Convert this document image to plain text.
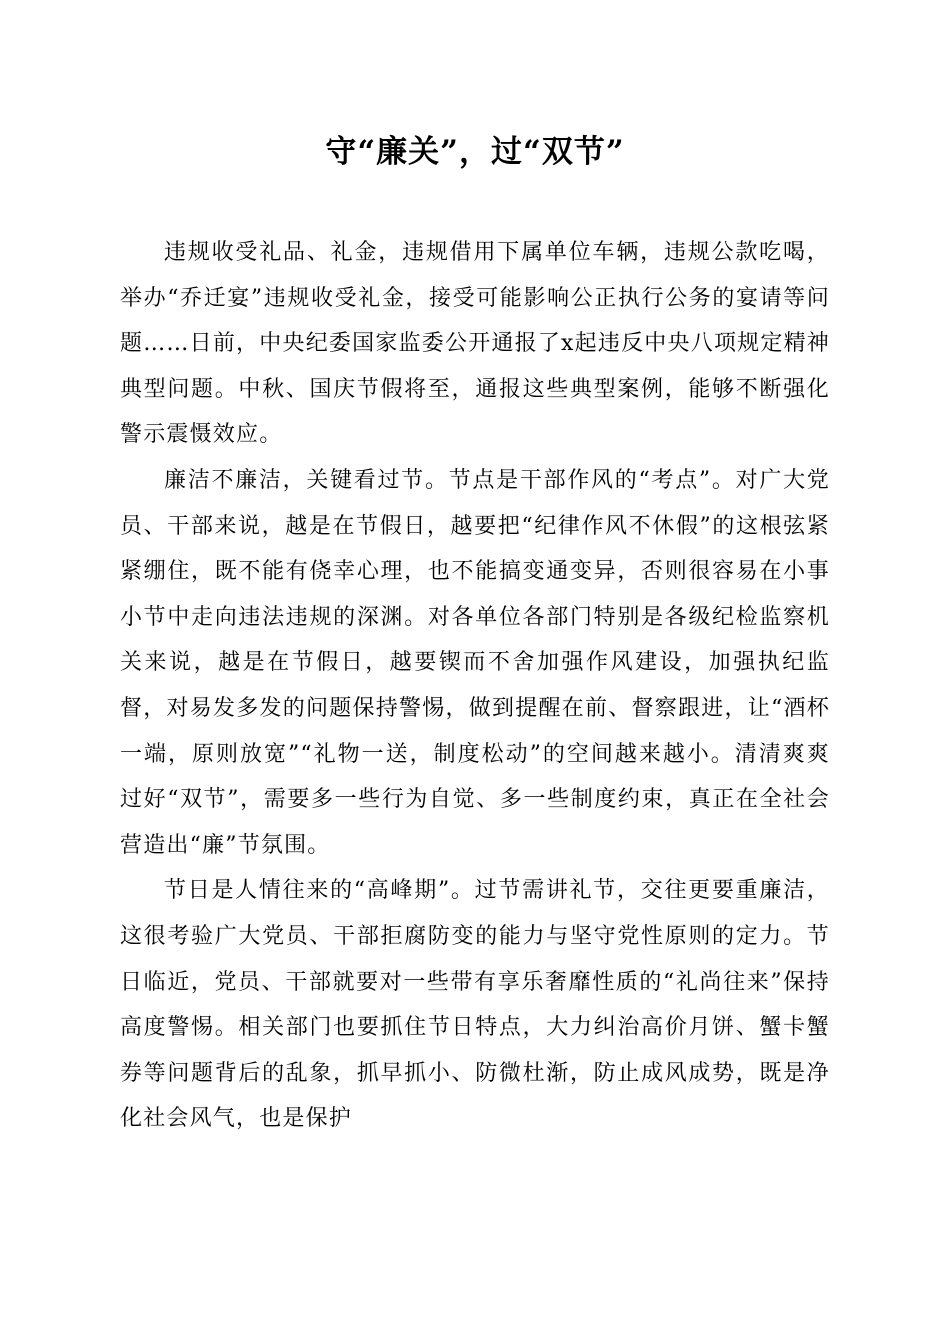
守“廉关”，过“双节”

违规收受礼品、礼金，违规借用下属单位车辆，违规公款吃喝，举办“乔迁宴”违规收受礼金，接受可能影响公正执行公务的宴请等问题……日前，中央纪委国家监委公开通报了x起违反中央八项规定精神典型问题。中秋、国庆节假将至，通报这些典型案例，能够不断强化警示震慑效应。

廉洁不廉洁，关键看过节。节点是干部作风的“考点”。对广大党员、干部来说，越是在节假日，越要把“纪律作风不休假”的这根弦紧紧绷住，既不能有侥幸心理，也不能搞变通变异，否则很容易在小事小节中走向违法违规的深渊。对各单位各部门特别是各级纪检监察机关来说，越是在节假日，越要锲而不舍加强作风建设，加强执纪监督，对易发多发的问题保持警惕，做到提醒在前、督察跟进，让“酒杯一端，原则放宽”“礼物一送，制度松动”的空间越来越小。清清爽爽过好“双节”，需要多一些行为自觉、多一些制度约束，真正在全社会营造出“廉”节氛围。

节日是人情往来的“高峰期”。过节需讲礼节，交往更要重廉洁，这很考验广大党员、干部拒腐防变的能力与坚守党性原则的定力。节日临近，党员、干部就要对一些带有享乐奢靡性质的“礼尚往来”保持高度警惕。相关部门也要抓住节日特点，大力纠治高价月饼、蟹卡蟹券等问题背后的乱象，抓早抓小、防微杜渐，防止成风成势，既是净化社会风气，也是保护
